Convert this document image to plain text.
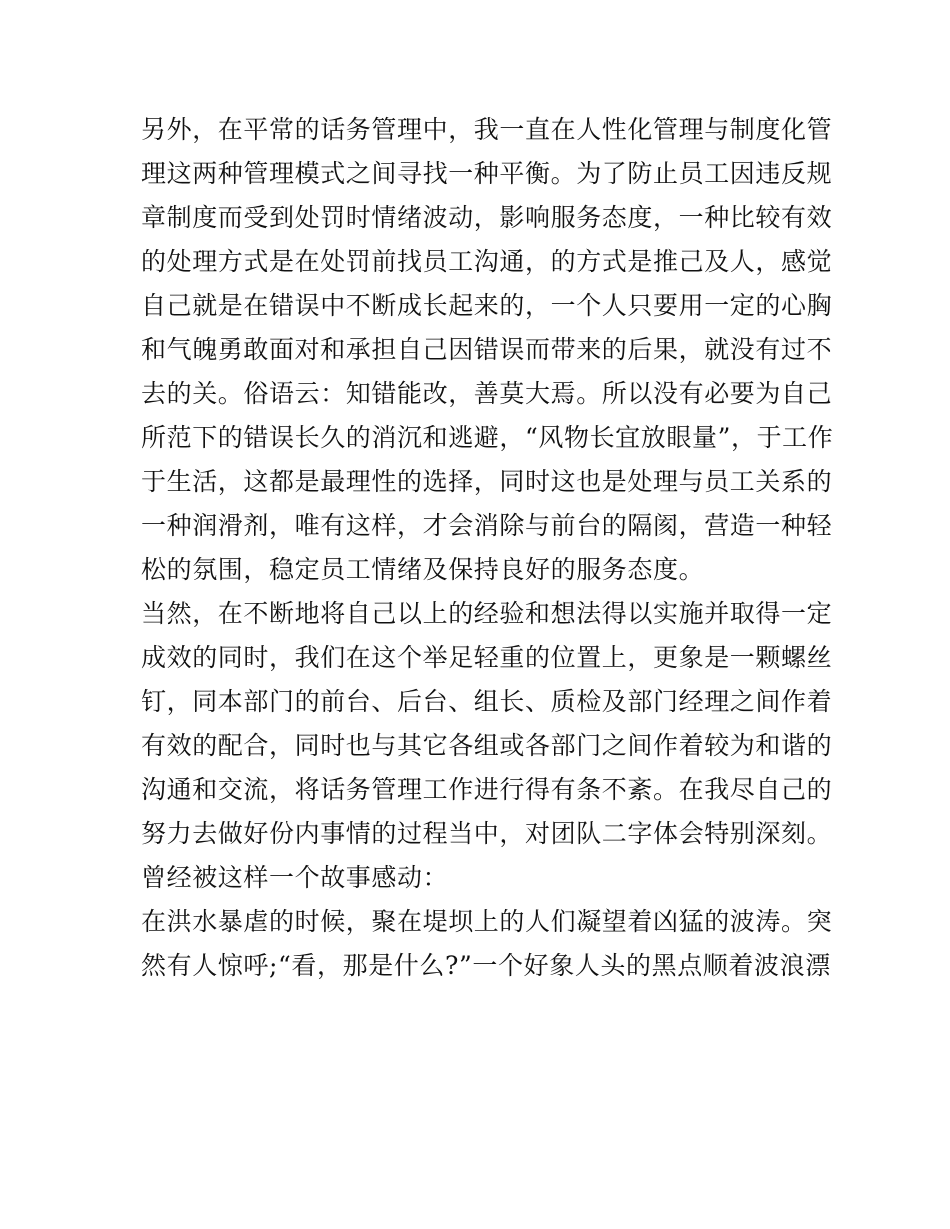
另外，在平常的话务管理中，我一直在人性化管理与制度化管
理这两种管理模式之间寻找一种平衡。为了防止员工因违反规
章制度而受到处罚时情绪波动，影响服务态度，一种比较有效
的处理方式是在处罚前找员工沟通，的方式是推己及人，感觉
自己就是在错误中不断成长起来的，一个人只要用一定的心胸
和气魄勇敢面对和承担自己因错误而带来的后果，就没有过不
去的关。俗语云：知错能改，善莫大焉。所以没有必要为自己
所范下的错误长久的消沉和逃避，“风物长宜放眼量”，于工作
于生活，这都是最理性的选择，同时这也是处理与员工关系的
一种润滑剂，唯有这样，才会消除与前台的隔阂，营造一种轻
松的氛围，稳定员工情绪及保持良好的服务态度。
当然，在不断地将自己以上的经验和想法得以实施并取得一定
成效的同时，我们在这个举足轻重的位置上，更象是一颗螺丝
钉，同本部门的前台、后台、组长、质检及部门经理之间作着
有效的配合，同时也与其它各组或各部门之间作着较为和谐的
沟通和交流，将话务管理工作进行得有条不紊。在我尽自己的
努力去做好份内事情的过程当中，对团队二字体会特别深刻。
曾经被这样一个故事感动：
在洪水暴虐的时候，聚在堤坝上的人们凝望着凶猛的波涛。突
然有人惊呼;“看，那是什么?”一个好象人头的黑点顺着波浪漂
